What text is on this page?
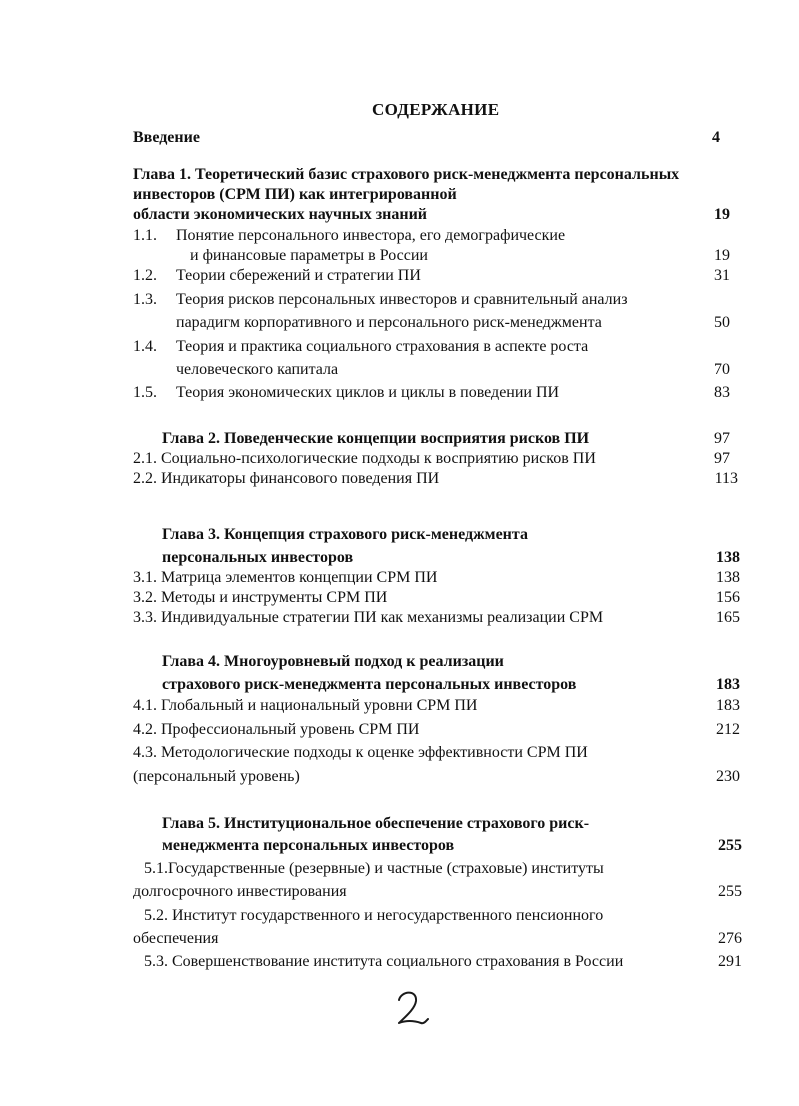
СОДЕРЖАНИЕ
Введение	4
Глава 1. Теоретический базис страхового риск-менеджмента персональных
инвесторов (СРМ ПИ) как интегрированной
области экономических научных знаний	19
1.1. Понятие персонального инвестора, его демографические
и финансовые параметры в России	19
1.2. Теории сбережений и стратегии ПИ	31
1.3. Теория рисков персональных инвесторов и сравнительный анализ
парадигм корпоративного и персонального риск-менеджмента	50
1.4. Теория и практика социального страхования в аспекте роста
человеческого капитала	70
1.5. Теория экономических циклов и циклы в поведении ПИ	83
Глава 2. Поведенческие концепции восприятия рисков ПИ	97
2.1. Социально-психологические подходы к восприятию рисков ПИ	97
2.2. Индикаторы финансового поведения ПИ	113
Глава 3. Концепция страхового риск-менеджмента
персональных инвесторов	138
3.1. Матрица элементов концепции СРМ ПИ	138
3.2. Методы и инструменты СРМ ПИ	156
3.3. Индивидуальные стратегии ПИ как механизмы реализации СРМ	165
Глава 4. Многоуровневый подход к реализации
страхового риск-менеджмента персональных инвесторов	183
4.1. Глобальный и национальный уровни СРМ ПИ	183
4.2. Профессиональный уровень СРМ ПИ	212
4.3. Методологические подходы к оценке эффективности СРМ ПИ
(персональный уровень)	230
Глава 5. Институциональное обеспечение страхового риск-
менеджмента персональных инвесторов	255
5.1.Государственные (резервные) и частные (страховые) институты
долгосрочного инвестирования	255
5.2. Институт государственного и негосударственного пенсионного
обеспечения	276
5.3. Совершенствование института социального страхования в России	291
